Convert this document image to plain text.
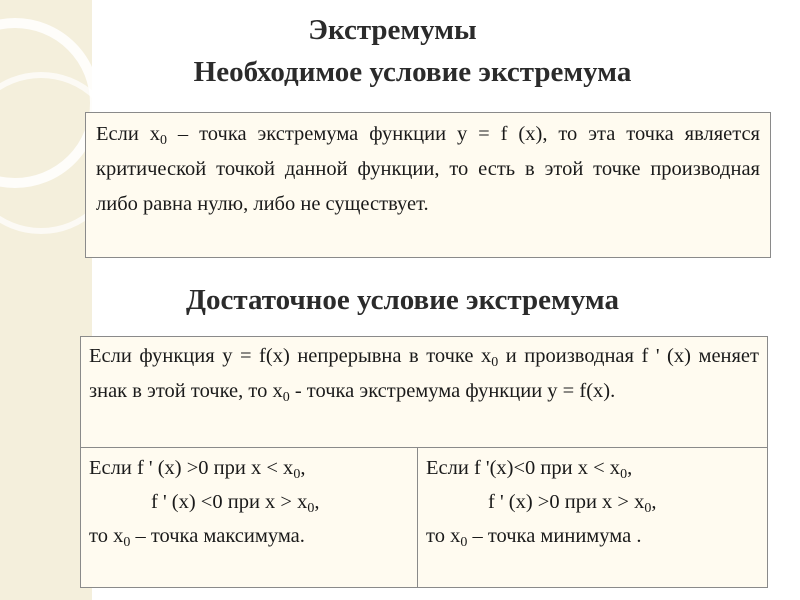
Экстремумы
Необходимое условие экстремума

Если $x_0$ – точка экстремума функции y = f (x), то эта точка является критической точкой данной функции, то есть в этой точке производная либо равна нулю, либо не существует.

Достаточное условие экстремума

Если функция y = f(x) непрерывна в точке $x_0$ и производная f ' (x) меняет знак в этой точке, то $x_0$ - точка экстремума функции y = f(x).

Если f ' (x) >0 при $x < x_0$,

f ' (x) <0 при $x > x_0$,

то $x_0$ – точка максимума.

Если f '(x)<0 при $x < x_0$,

f ' (x) >0 при $x > x_0$,

то $x_0$ – точка минимума .
